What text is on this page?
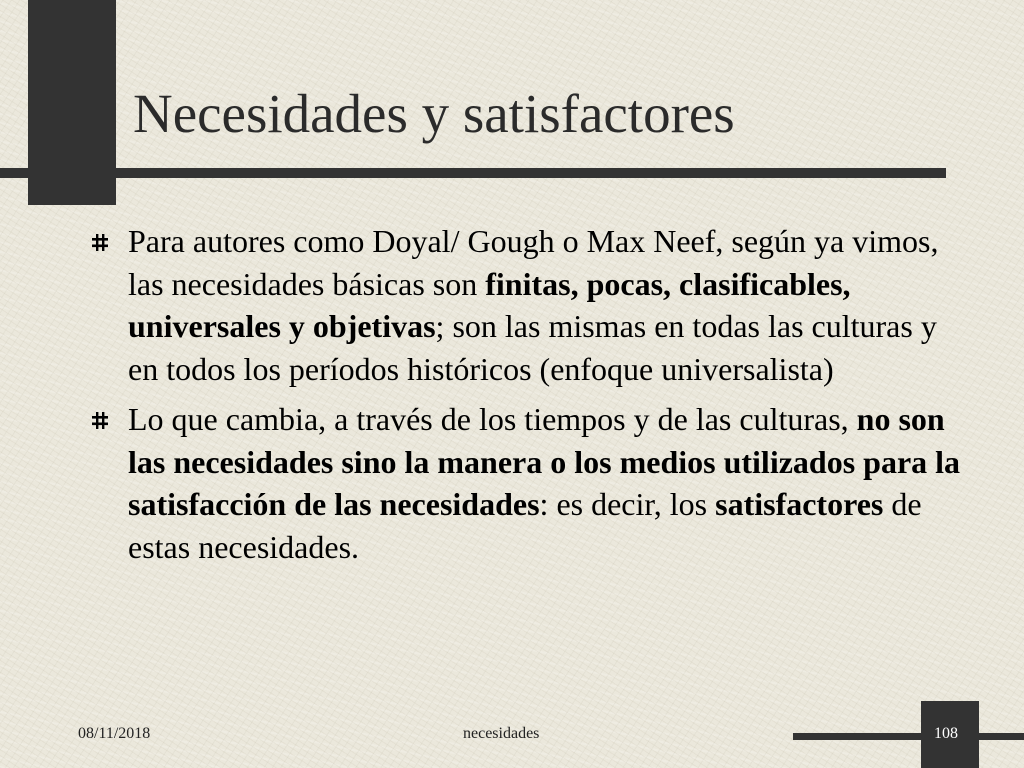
Necesidades y satisfactores
Para autores como Doyal/ Gough o Max Neef, según ya vimos, las necesidades básicas son finitas, pocas, clasificables, universales y objetivas; son las mismas en todas las culturas y en todos los períodos históricos (enfoque universalista)
Lo que cambia, a través de los tiempos y de las culturas, no son las necesidades sino la manera o los medios utilizados para la satisfacción de las necesidades: es decir, los satisfactores de estas necesidades.
08/11/2018	necesidades	108
